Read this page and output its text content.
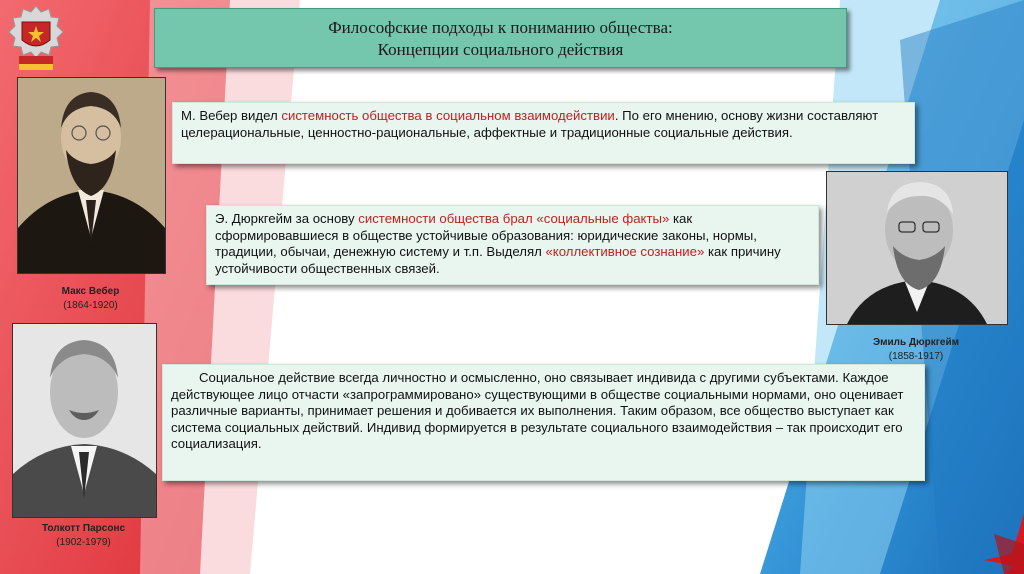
Философские подходы к пониманию общества:
Концепции социального действия
Макс Вебер
(1864-1920)
Эмиль Дюркгейм
(1858-1917)
Толкотт Парсонс
(1902-1979)
М. Вебер видел системность общества в социальном взаимодействии. По его мнению, основу жизни составляют целерациональные, ценностно-рациональные, аффектные и традиционные социальные действия.
Э. Дюркгейм за основу системности общества брал «социальные факты» как сформировавшиеся в обществе устойчивые образования: юридические законы, нормы, традиции, обычаи, денежную систему и т.п. Выделял «коллективное сознание» как причину устойчивости общественных связей.
Социальное действие всегда личностно и осмысленно, оно связывает индивида с другими субъектами. Каждое действующее лицо отчасти «запрограммировано» существующими в обществе социальными нормами, оно оценивает различные варианты, принимает решения и добивается их выполнения. Таким образом, все общество выступает как система социальных действий. Индивид формируется в результате социального взаимодействия – так происходит его социализация.
